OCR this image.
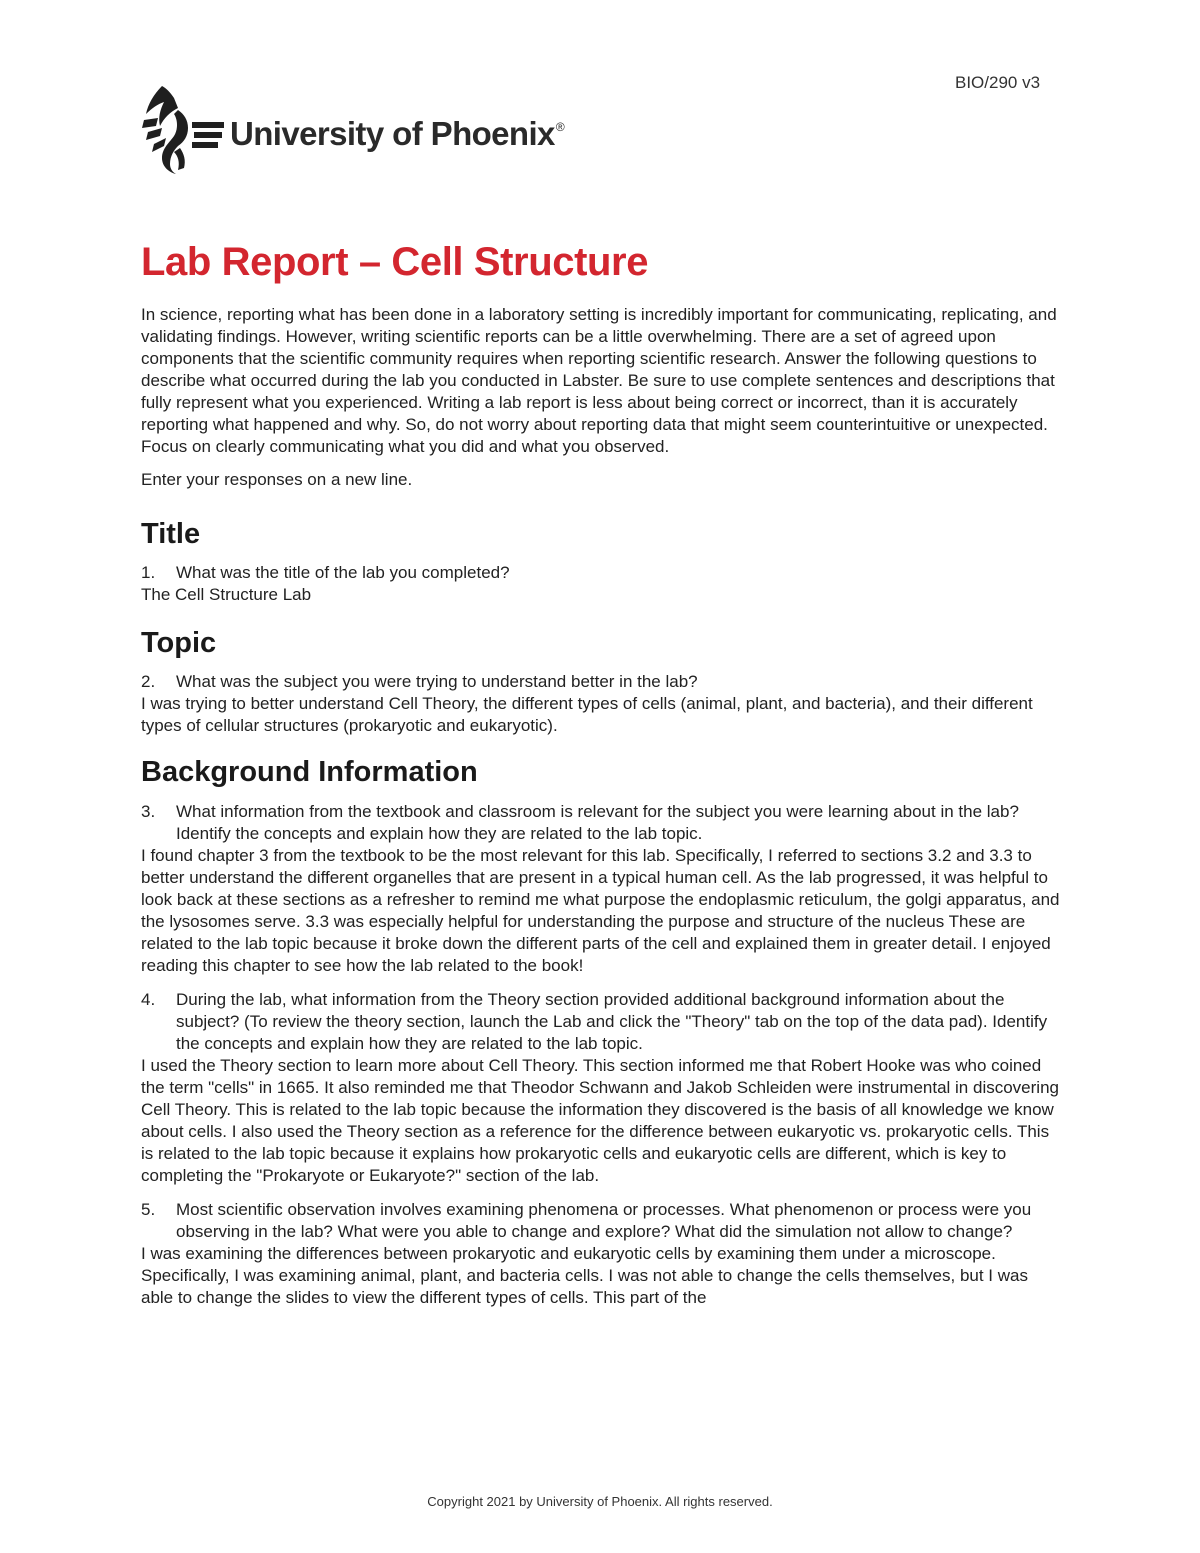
BIO/290 v3
University of Phoenix®
Lab Report – Cell Structure

In science, reporting what has been done in a laboratory setting is incredibly important for communicating, replicating, and validating findings. However, writing scientific reports can be a little overwhelming. There are a set of agreed upon components that the scientific community requires when reporting scientific research. Answer the following questions to describe what occurred during the lab you conducted in Labster. Be sure to use complete sentences and descriptions that fully represent what you experienced. Writing a lab report is less about being correct or incorrect, than it is accurately reporting what happened and why. So, do not worry about reporting data that might seem counterintuitive or unexpected. Focus on clearly communicating what you did and what you observed.

Enter your responses on a new line.

Title
1.	What was the title of the lab you completed?

The Cell Structure Lab

Topic
2.	What was the subject you were trying to understand better in the lab?

I was trying to better understand Cell Theory, the different types of cells (animal, plant, and bacteria), and their different types of cellular structures (prokaryotic and eukaryotic).

Background Information
3.	What information from the textbook and classroom is relevant for the subject you were learning about in the lab? Identify the concepts and explain how they are related to the lab topic.

I found chapter 3 from the textbook to be the most relevant for this lab. Specifically, I referred to sections 3.2 and 3.3 to better understand the different organelles that are present in a typical human cell. As the lab progressed, it was helpful to look back at these sections as a refresher to remind me what purpose the endoplasmic reticulum, the golgi apparatus, and the lysosomes serve. 3.3 was especially helpful for understanding the purpose and structure of the nucleus These are related to the lab topic because it broke down the different parts of the cell and explained them in greater detail. I enjoyed reading this chapter to see how the lab related to the book!

4.	During the lab, what information from the Theory section provided additional background information about the subject? (To review the theory section, launch the Lab and click the "Theory" tab on the top of the data pad). Identify the concepts and explain how they are related to the lab topic.

I used the Theory section to learn more about Cell Theory. This section informed me that Robert Hooke was who coined the term "cells" in 1665. It also reminded me that Theodor Schwann and Jakob Schleiden were instrumental in discovering Cell Theory. This is related to the lab topic because the information they discovered is the basis of all knowledge we know about cells. I also used the Theory section as a reference for the difference between eukaryotic vs. prokaryotic cells. This is related to the lab topic because it explains how prokaryotic cells and eukaryotic cells are different, which is key to completing the "Prokaryote or Eukaryote?" section of the lab.

5.	Most scientific observation involves examining phenomena or processes. What phenomenon or process were you observing in the lab? What were you able to change and explore? What did the simulation not allow to change?

I was examining the differences between prokaryotic and eukaryotic cells by examining them under a microscope. Specifically, I was examining animal, plant, and bacteria cells. I was not able to change the cells themselves, but I was able to change the slides to view the different types of cells. This part of the

Copyright 2021 by University of Phoenix. All rights reserved.
